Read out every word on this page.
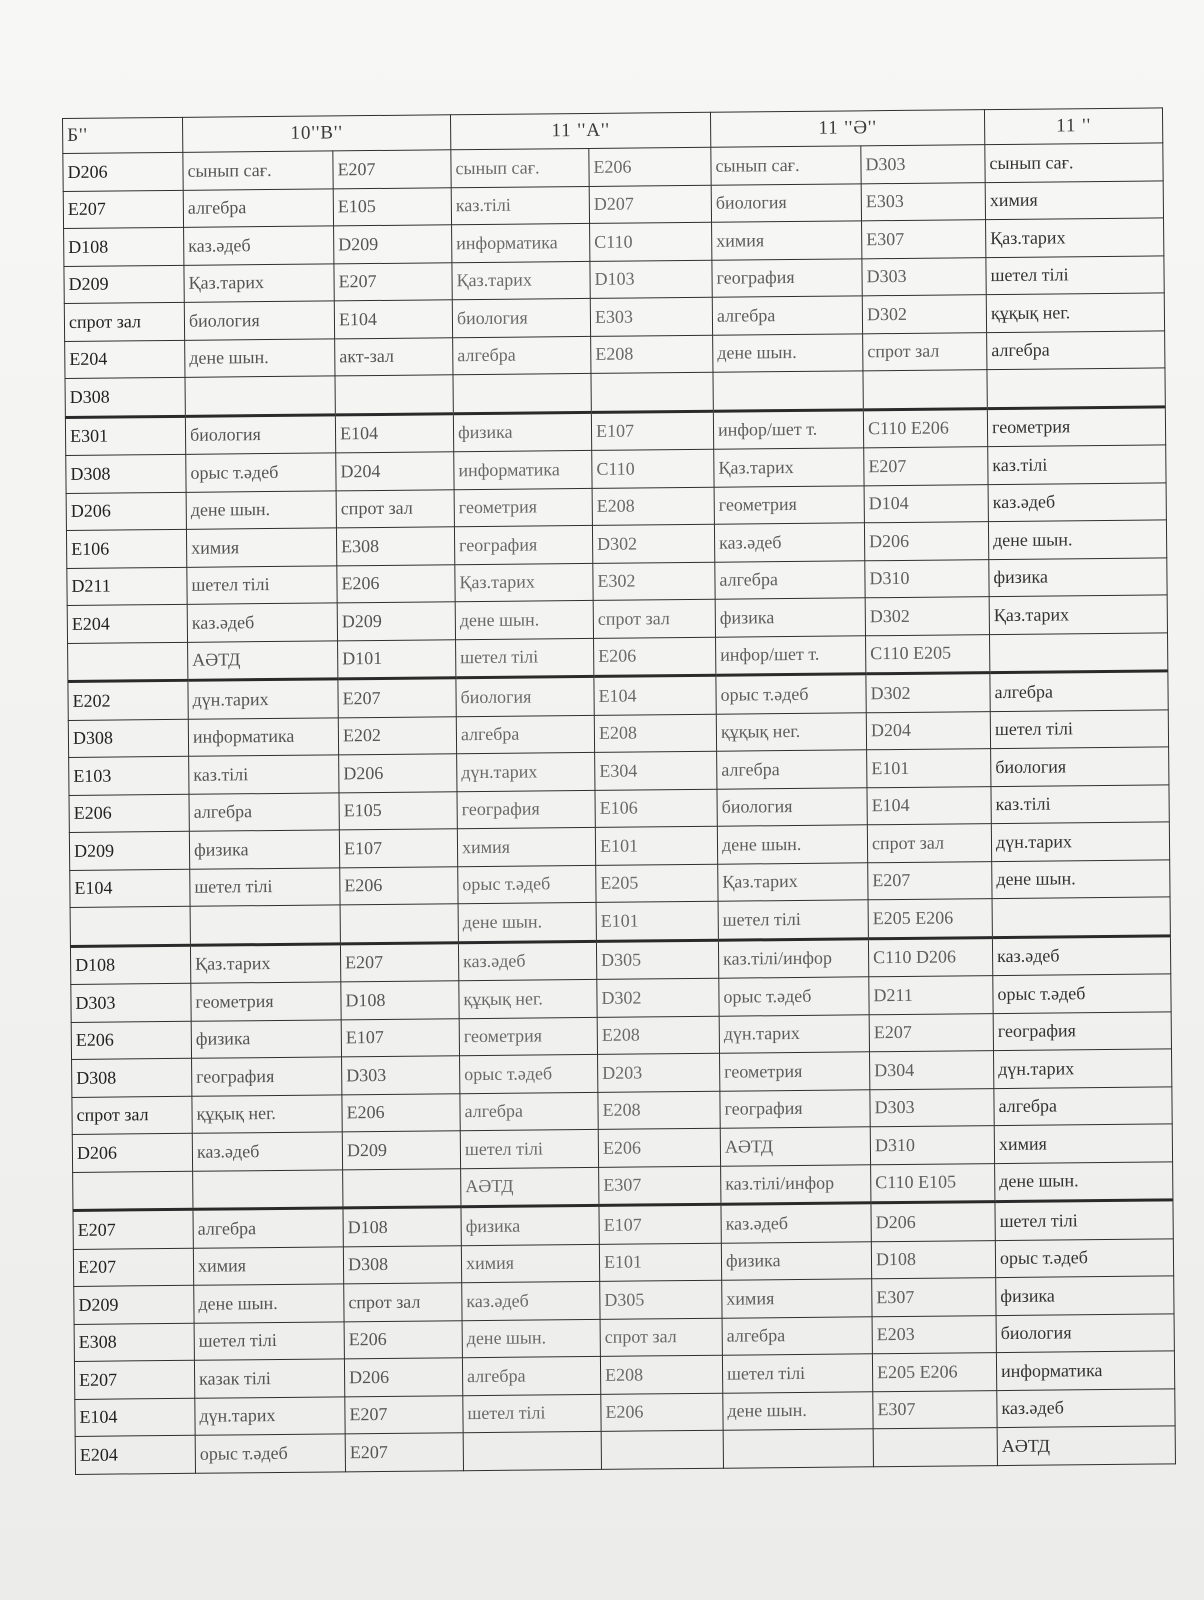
Б''	10''В''		11 ''А''		11 ''Ә''		11 ''
D206	сынып сағ.	E207	сынып сағ.	E206	сынып сағ.	D303	сынып сағ.
E207	алгебра	E105	каз.тілі	D207	биология	E303	химия
D108	каз.әдеб	D209	информатика	C110	химия	E307	Қаз.тарих
D209	Қаз.тарих	E207	Қаз.тарих	D103	география	D303	шетел тілі
спрот зал	биология	E104	биология	E303	алгебра	D302	құқық нег.
E204	дене шын.	акт-зал	алгебра	E208	дене шын.	спрот зал	алгебра
D308							
E301	биология	E104	физика	E107	инфор/шет т.	C110 E206	геометрия
D308	орыс т.әдеб	D204	информатика	C110	Қаз.тарих	E207	каз.тілі
D206	дене шын.	спрот зал	геометрия	E208	геометрия	D104	каз.әдеб
E106	химия	E308	география	D302	каз.әдеб	D206	дене шын.
D211	шетел тілі	E206	Қаз.тарих	E302	алгебра	D310	физика
E204	каз.әдеб	D209	дене шын.	спрот зал	физика	D302	Қаз.тарих
	АӘТД	D101	шетел тілі	E206	инфор/шет т.	C110 E205	
E202	дүн.тарих	E207	биология	E104	орыс т.әдеб	D302	алгебра
D308	информатика	E202	алгебра	E208	құқық нег.	D204	шетел тілі
E103	каз.тілі	D206	дүн.тарих	E304	алгебра	E101	биология
E206	алгебра	E105	география	E106	биология	E104	каз.тілі
D209	физика	E107	химия	E101	дене шын.	спрот зал	дүн.тарих
E104	шетел тілі	E206	орыс т.әдеб	E205	Қаз.тарих	E207	дене шын.
			дене шын.	E101	шетел тілі	E205 E206	
D108	Қаз.тарих	E207	каз.әдеб	D305	каз.тілі/инфор	C110 D206	каз.әдеб
D303	геометрия	D108	құқық нег.	D302	орыс т.әдеб	D211	орыс т.әдеб
E206	физика	E107	геометрия	E208	дүн.тарих	E207	география
D308	география	D303	орыс т.әдеб	D203	геометрия	D304	дүн.тарих
спрот зал	құқық нег.	E206	алгебра	E208	география	D303	алгебра
D206	каз.әдеб	D209	шетел тілі	E206	АӘТД	D310	химия
			АӘТД	E307	каз.тілі/инфор	C110 E105	дене шын.
E207	алгебра	D108	физика	E107	каз.әдеб	D206	шетел тілі
E207	химия	D308	химия	E101	физика	D108	орыс т.әдеб
D209	дене шын.	спрот зал	каз.әдеб	D305	химия	E307	физика
E308	шетел тілі	E206	дене шын.	спрот зал	алгебра	E203	биология
E207	казак тілі	D206	алгебра	E208	шетел тілі	E205 E206	информатика
E104	дүн.тарих	E207	шетел тілі	E206	дене шын.	E307	каз.әдеб
E204	орыс т.әдеб	E207					АӘТД
